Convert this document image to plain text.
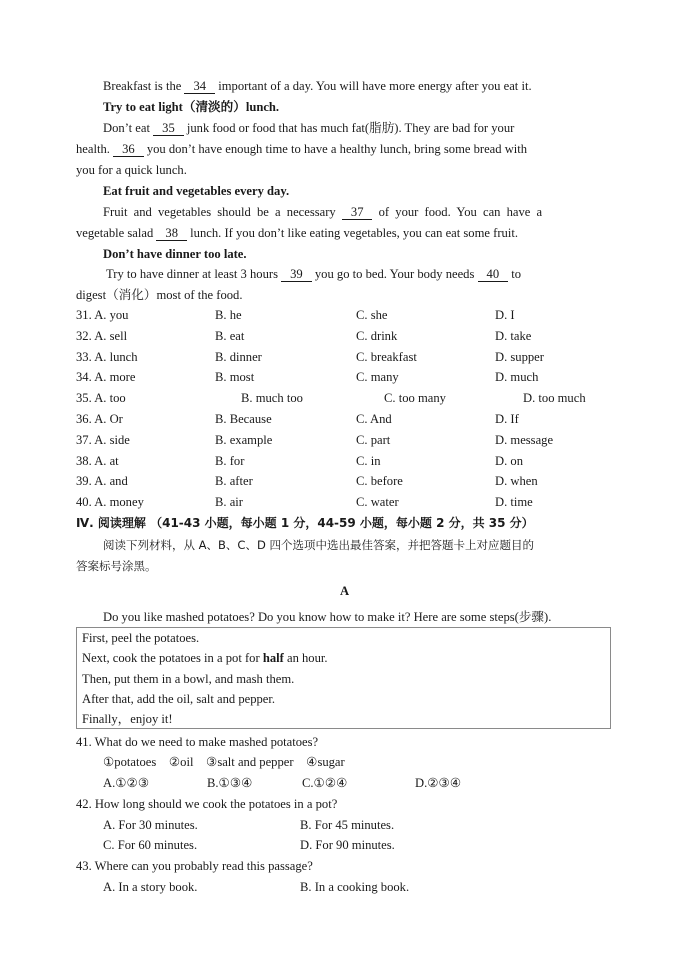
Breakfast is the 34 important of a day. You will have more energy after you eat it.
Try to eat light（清淡的）lunch.
Don’t eat 35 junk food or food that has much fat(脂肪). They are bad for your
health. 36 you don’t have enough time to have a healthy lunch, bring some bread with
you for a quick lunch.
Eat fruit and vegetables every day.
Fruit and vegetables should be a necessary 37 of your food. You can have a
vegetable salad 38 lunch. If you don’t like eating vegetables, you can eat some fruit.
Don’t have dinner too late.
Try to have dinner at least 3 hours 39 you go to bed. Your body needs 40 to
digest（消化）most of the food.
31. A. you	B. he	C. she	D. I
32. A. sell	B. eat	C. drink	D. take
33. A. lunch	B. dinner	C. breakfast	D. supper
34. A. more	B. most	C. many	D. much
35. A. too	B. much too	C. too many	D. too much
36. A. Or	B. Because	C. And	D. If
37. A. side	B. example	C. part	D. message
38. A. at	B. for	C. in	D. on
39. A. and	B. after	C. before	D. when
40. A. money	B. air	C. water	D. time
Ⅳ. 阅读理解 （41-43 小题，每小题 1 分，44-59 小题，每小题 2 分，共 35 分）
阅读下列材料，从 A、B、C、D 四个选项中选出最佳答案，并把答题卡上对应题目的
答案标号涂黑。
A
Do you like mashed potatoes? Do you know how to make it? Here are some steps(步骤).
First, peel the potatoes.
Next, cook the potatoes in a pot for half an hour.
Then, put them in a bowl, and mash them.
After that, add the oil, salt and pepper.
Finally，enjoy it!
41. What do we need to make mashed potatoes?
①potatoes    ②oil    ③salt and pepper    ④sugar
A.①②③	B.①③④	C.①②④	D.②③④
42. How long should we cook the potatoes in a pot?
A. For 30 minutes.	B. For 45 minutes.
C. For 60 minutes.	D. For 90 minutes.
43. Where can you probably read this passage?
A. In a story book.	B. In a cooking book.
